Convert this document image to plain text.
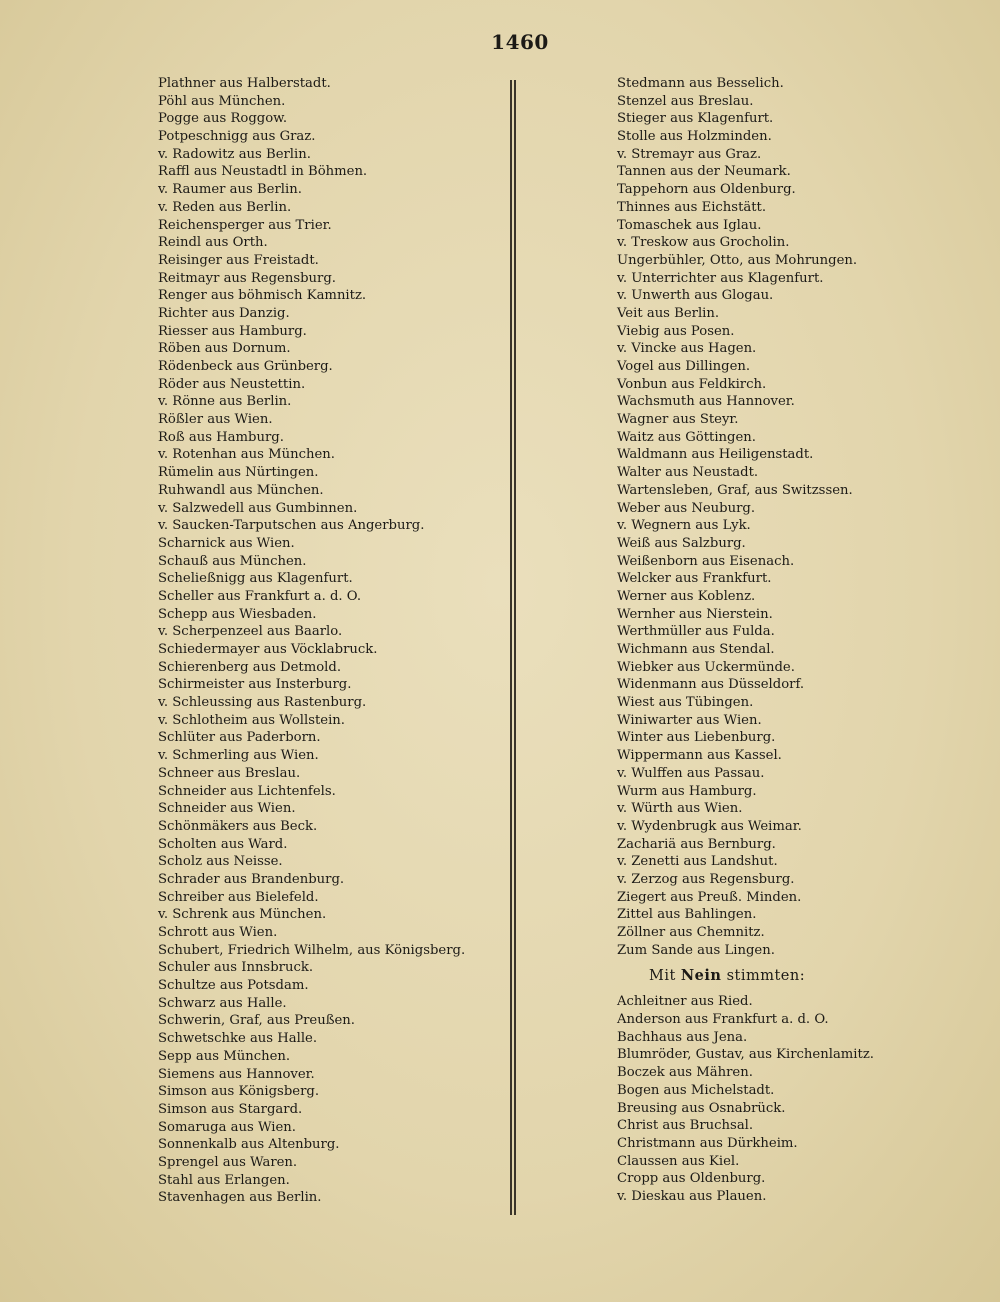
1460
Plathner aus Halberstadt.
Pöhl aus München.
Pogge aus Roggow.
Potpeschnigg aus Graz.
v. Radowitz aus Berlin.
Raffl aus Neustadtl in Böhmen.
v. Raumer aus Berlin.
v. Reden aus Berlin.
Reichensperger aus Trier.
Reindl aus Orth.
Reisinger aus Freistadt.
Reitmayr aus Regensburg.
Renger aus böhmisch Kamnitz.
Richter aus Danzig.
Riesser aus Hamburg.
Röben aus Dornum.
Rödenbeck aus Grünberg.
Röder aus Neustettin.
v. Rönne aus Berlin.
Rößler aus Wien.
Roß aus Hamburg.
v. Rotenhan aus München.
Rümelin aus Nürtingen.
Ruhwandl aus München.
v. Salzwedell aus Gumbinnen.
v. Saucken-Tarputschen aus Angerburg.
Scharnick aus Wien.
Schauß aus München.
Scheließnigg aus Klagenfurt.
Scheller aus Frankfurt a. d. O.
Schepp aus Wiesbaden.
v. Scherpenzeel aus Baarlo.
Schiedermayer aus Vöcklabruck.
Schierenberg aus Detmold.
Schirmeister aus Insterburg.
v. Schleussing aus Rastenburg.
v. Schlotheim aus Wollstein.
Schlüter aus Paderborn.
v. Schmerling aus Wien.
Schneer aus Breslau.
Schneider aus Lichtenfels.
Schneider aus Wien.
Schönmäkers aus Beck.
Scholten aus Ward.
Scholz aus Neisse.
Schrader aus Brandenburg.
Schreiber aus Bielefeld.
v. Schrenk aus München.
Schrott aus Wien.
Schubert, Friedrich Wilhelm, aus Königsberg.
Schuler aus Innsbruck.
Schultze aus Potsdam.
Schwarz aus Halle.
Schwerin, Graf, aus Preußen.
Schwetschke aus Halle.
Sepp aus München.
Siemens aus Hannover.
Simson aus Königsberg.
Simson aus Stargard.
Somaruga aus Wien.
Sonnenkalb aus Altenburg.
Sprengel aus Waren.
Stahl aus Erlangen.
Stavenhagen aus Berlin.
Stedmann aus Besselich.
Stenzel aus Breslau.
Stieger aus Klagenfurt.
Stolle aus Holzminden.
v. Stremayr aus Graz.
Tannen aus der Neumark.
Tappehorn aus Oldenburg.
Thinnes aus Eichstätt.
Tomaschek aus Iglau.
v. Treskow aus Grocholin.
Ungerbühler, Otto, aus Mohrungen.
v. Unterrichter aus Klagenfurt.
v. Unwerth aus Glogau.
Veit aus Berlin.
Viebig aus Posen.
v. Vincke aus Hagen.
Vogel aus Dillingen.
Vonbun aus Feldkirch.
Wachsmuth aus Hannover.
Wagner aus Steyr.
Waitz aus Göttingen.
Waldmann aus Heiligenstadt.
Walter aus Neustadt.
Wartensleben, Graf, aus Switzssen.
Weber aus Neuburg.
v. Wegnern aus Lyk.
Weiß aus Salzburg.
Weißenborn aus Eisenach.
Welcker aus Frankfurt.
Werner aus Koblenz.
Wernher aus Nierstein.
Werthmüller aus Fulda.
Wichmann aus Stendal.
Wiebker aus Uckermünde.
Widenmann aus Düsseldorf.
Wiest aus Tübingen.
Winiwarter aus Wien.
Winter aus Liebenburg.
Wippermann aus Kassel.
v. Wulffen aus Passau.
Wurm aus Hamburg.
v. Würth aus Wien.
v. Wydenbrugk aus Weimar.
Zachariä aus Bernburg.
v. Zenetti aus Landshut.
v. Zerzog aus Regensburg.
Ziegert aus Preuß. Minden.
Zittel aus Bahlingen.
Zöllner aus Chemnitz.
Zum Sande aus Lingen.
Mit Nein stimmten:
Achleitner aus Ried.
Anderson aus Frankfurt a. d. O.
Bachhaus aus Jena.
Blumröder, Gustav, aus Kirchenlamitz.
Boczek aus Mähren.
Bogen aus Michelstadt.
Breusing aus Osnabrück.
Christ aus Bruchsal.
Christmann aus Dürkheim.
Claussen aus Kiel.
Cropp aus Oldenburg.
v. Dieskau aus Plauen.
